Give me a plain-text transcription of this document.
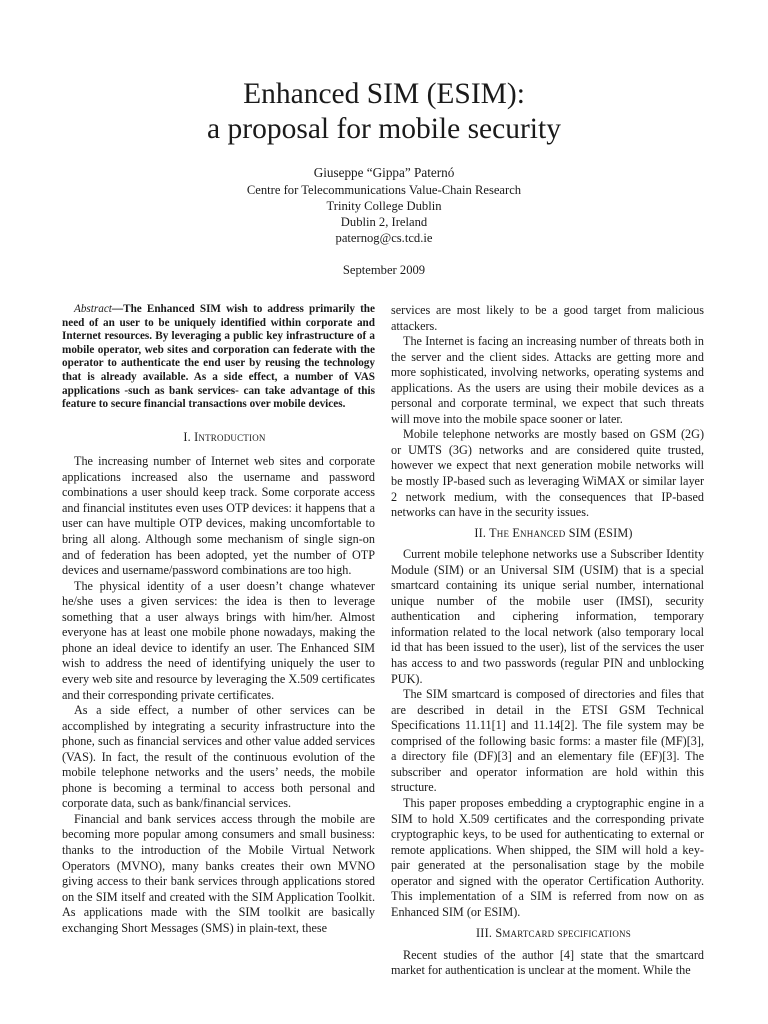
Enhanced SIM (ESIM):
a proposal for mobile security
Giuseppe “Gippa” Paternó
Centre for Telecommunications Value-Chain Research
Trinity College Dublin
Dublin 2, Ireland
paternog@cs.tcd.ie
September 2009

Abstract—The Enhanced SIM wish to address primarily the need of an user to be uniquely identified within corporate and Internet resources. By leveraging a public key infrastructure of a mobile operator, web sites and corporation can federate with the operator to authenticate the end user by reusing the technology that is already available. As a side effect, a number of VAS applications -such as bank services- can take advantage of this feature to secure financial transactions over mobile devices.

I. Introduction

The increasing number of Internet web sites and corporate applications increased also the username and password combinations a user should keep track. Some corporate access and financial institutes even uses OTP devices: it happens that a user can have multiple OTP devices, making uncomfortable to bring all along. Although some mechanism of single sign-on and of federation has been adopted, yet the number of OTP devices and username/password combinations are too high.

The physical identity of a user doesn’t change whatever he/she uses a given services: the idea is then to leverage something that a user always brings with him/her. Almost everyone has at least one mobile phone nowadays, making the phone an ideal device to identify an user. The Enhanced SIM wish to address the need of identifying uniquely the user to every web site and resource by leveraging the X.509 certificates and their corresponding private certificates.

As a side effect, a number of other services can be accomplished by integrating a security infrastructure into the phone, such as financial services and other value added services (VAS). In fact, the result of the continuous evolution of the mobile telephone networks and the users’ needs, the mobile phone is becoming a terminal to access both personal and corporate data, such as bank/financial services.

Financial and bank services access through the mobile are becoming more popular among consumers and small business: thanks to the introduction of the Mobile Virtual Network Operators (MVNO), many banks creates their own MVNO giving access to their bank services through applications stored on the SIM itself and created with the SIM Application Toolkit. As applications made with the SIM toolkit are basically exchanging Short Messages (SMS) in plain-text, these

services are most likely to be a good target from malicious attackers.

The Internet is facing an increasing number of threats both in the server and the client sides. Attacks are getting more and more sophisticated, involving networks, operating systems and applications. As the users are using their mobile devices as a personal and corporate terminal, we expect that such threats will move into the mobile space sooner or later.

Mobile telephone networks are mostly based on GSM (2G) or UMTS (3G) networks and are considered quite trusted, however we expect that next generation mobile networks will be mostly IP-based such as leveraging WiMAX or similar layer 2 network medium, with the consequences that IP-based networks can have in the security issues.

II. The Enhanced SIM (ESIM)

Current mobile telephone networks use a Subscriber Identity Module (SIM) or an Universal SIM (USIM) that is a special smartcard containing its unique serial number, international unique number of the mobile user (IMSI), security authentication and ciphering information, temporary information related to the local network (also temporary local id that has been issued to the user), list of the services the user has access to and two passwords (regular PIN and unblocking PUK).

The SIM smartcard is composed of directories and files that are described in detail in the ETSI GSM Technical Specifications 11.11[1] and 11.14[2]. The file system may be comprised of the following basic forms: a master file (MF)[3], a directory file (DF)[3] and an elementary file (EF)[3]. The subscriber and operator information are hold within this structure.

This paper proposes embedding a cryptographic engine in a SIM to hold X.509 certificates and the corresponding private cryptographic keys, to be used for authenticating to external or remote applications. When shipped, the SIM will hold a key-pair generated at the personalisation stage by the mobile operator and signed with the operator Certification Authority. This implementation of a SIM is referred from now on as Enhanced SIM (or ESIM).

III. Smartcard specifications

Recent studies of the author [4] state that the smartcard market for authentication is unclear at the moment. While the
